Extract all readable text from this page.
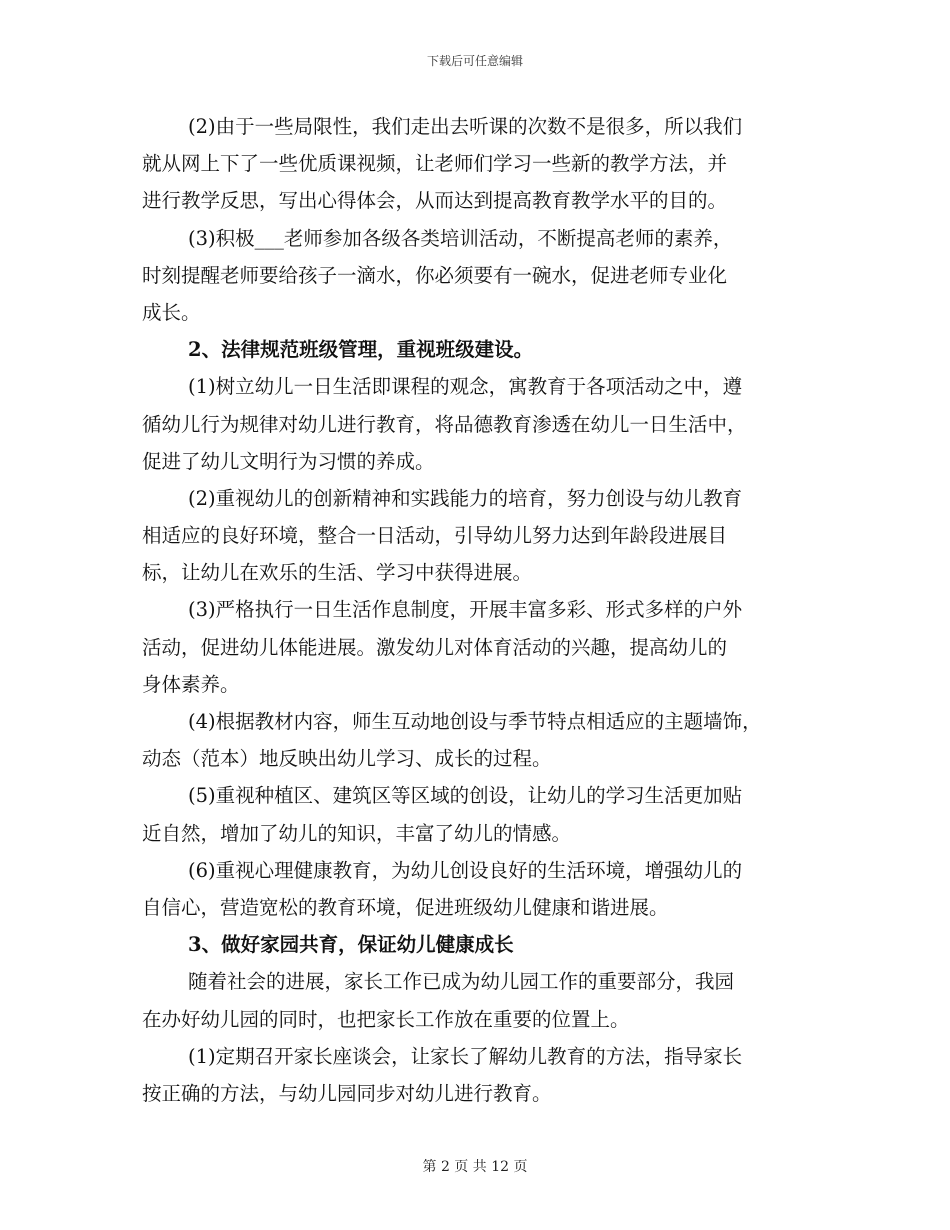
下载后可任意编辑
(2)由于一些局限性，我们走出去听课的次数不是很多，所以我们
就从网上下了一些优质课视频，让老师们学习一些新的教学方法，并
进行教学反思，写出心得体会，从而达到提高教育教学水平的目的。
(3)积极___老师参加各级各类培训活动，不断提高老师的素养，
时刻提醒老师要给孩子一滴水，你必须要有一碗水，促进老师专业化
成长。
2、法律规范班级管理，重视班级建设。
(1)树立幼儿一日生活即课程的观念，寓教育于各项活动之中，遵
循幼儿行为规律对幼儿进行教育，将品德教育渗透在幼儿一日生活中，
促进了幼儿文明行为习惯的养成。
(2)重视幼儿的创新精神和实践能力的培育，努力创设与幼儿教育
相适应的良好环境，整合一日活动，引导幼儿努力达到年龄段进展目
标，让幼儿在欢乐的生活、学习中获得进展。
(3)严格执行一日生活作息制度，开展丰富多彩、形式多样的户外
活动，促进幼儿体能进展。激发幼儿对体育活动的兴趣，提高幼儿的
身体素养。
(4)根据教材内容，师生互动地创设与季节特点相适应的主题墙饰，
动态（范本）地反映出幼儿学习、成长的过程。
(5)重视种植区、建筑区等区域的创设，让幼儿的学习生活更加贴
近自然，增加了幼儿的知识，丰富了幼儿的情感。
(6)重视心理健康教育，为幼儿创设良好的生活环境，增强幼儿的
自信心，营造宽松的教育环境，促进班级幼儿健康和谐进展。
3、做好家园共育，保证幼儿健康成长
随着社会的进展，家长工作已成为幼儿园工作的重要部分，我园
在办好幼儿园的同时，也把家长工作放在重要的位置上。
(1)定期召开家长座谈会，让家长了解幼儿教育的方法，指导家长
按正确的方法，与幼儿园同步对幼儿进行教育。
第 2 页 共 12 页
